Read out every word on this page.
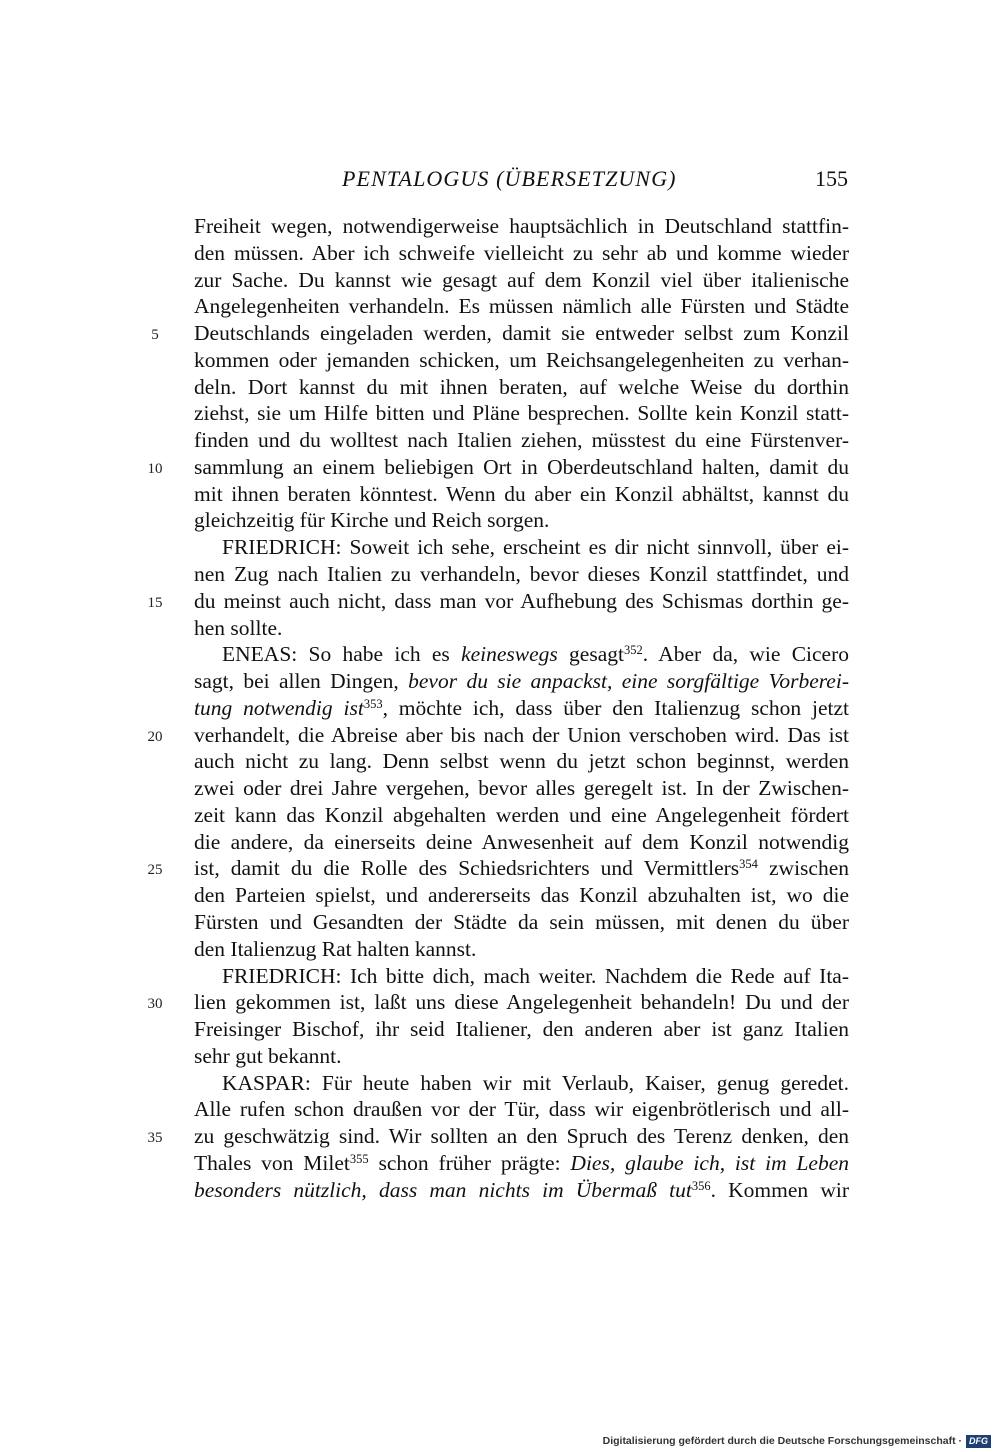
PENTALOGUS (ÜBERSETZUNG)	155
Freiheit wegen, notwendigerweise hauptsächlich in Deutschland stattfin-
den müssen. Aber ich schweife vielleicht zu sehr ab und komme wieder
zur Sache. Du kannst wie gesagt auf dem Konzil viel über italienische
Angelegenheiten verhandeln. Es müssen nämlich alle Fürsten und Städte
Deutschlands eingeladen werden, damit sie entweder selbst zum Konzil
kommen oder jemanden schicken, um Reichsangelegenheiten zu verhan-
deln. Dort kannst du mit ihnen beraten, auf welche Weise du dorthin
ziehst, sie um Hilfe bitten und Pläne besprechen. Sollte kein Konzil statt-
finden und du wolltest nach Italien ziehen, müsstest du eine Fürstenver-
sammlung an einem beliebigen Ort in Oberdeutschland halten, damit du
mit ihnen beraten könntest. Wenn du aber ein Konzil abhältst, kannst du
gleichzeitig für Kirche und Reich sorgen.
FRIEDRICH: Soweit ich sehe, erscheint es dir nicht sinnvoll, über ei-
nen Zug nach Italien zu verhandeln, bevor dieses Konzil stattfindet, und
du meinst auch nicht, dass man vor Aufhebung des Schismas dorthin ge-
hen sollte.
ENEAS: So habe ich es keineswegs gesagt$^{352}$. Aber da, wie Cicero
sagt, bei allen Dingen, bevor du sie anpackst, eine sorgfältige Vorberei-
tung notwendig ist$^{353}$, möchte ich, dass über den Italienzug schon jetzt
verhandelt, die Abreise aber bis nach der Union verschoben wird. Das ist
auch nicht zu lang. Denn selbst wenn du jetzt schon beginnst, werden
zwei oder drei Jahre vergehen, bevor alles geregelt ist. In der Zwischen-
zeit kann das Konzil abgehalten werden und eine Angelegenheit fördert
die andere, da einerseits deine Anwesenheit auf dem Konzil notwendig
ist, damit du die Rolle des Schiedsrichters und Vermittlers$^{354}$ zwischen
den Parteien spielst, und andererseits das Konzil abzuhalten ist, wo die
Fürsten und Gesandten der Städte da sein müssen, mit denen du über
den Italienzug Rat halten kannst.
FRIEDRICH: Ich bitte dich, mach weiter. Nachdem die Rede auf Ita-
lien gekommen ist, laßt uns diese Angelegenheit behandeln! Du und der
Freisinger Bischof, ihr seid Italiener, den anderen aber ist ganz Italien
sehr gut bekannt.
KASPAR: Für heute haben wir mit Verlaub, Kaiser, genug geredet.
Alle rufen schon draußen vor der Tür, dass wir eigenbrötlerisch und all-
zu geschwätzig sind. Wir sollten an den Spruch des Terenz denken, den
Thales von Milet$^{355}$ schon früher prägte: Dies, glaube ich, ist im Leben
besonders nützlich, dass man nichts im Übermaß tut$^{356}$. Kommen wir
5
10
15
20
25
30
35
Digitalisierung gefördert durch die Deutsche Forschungsgemeinschaft · DFG
